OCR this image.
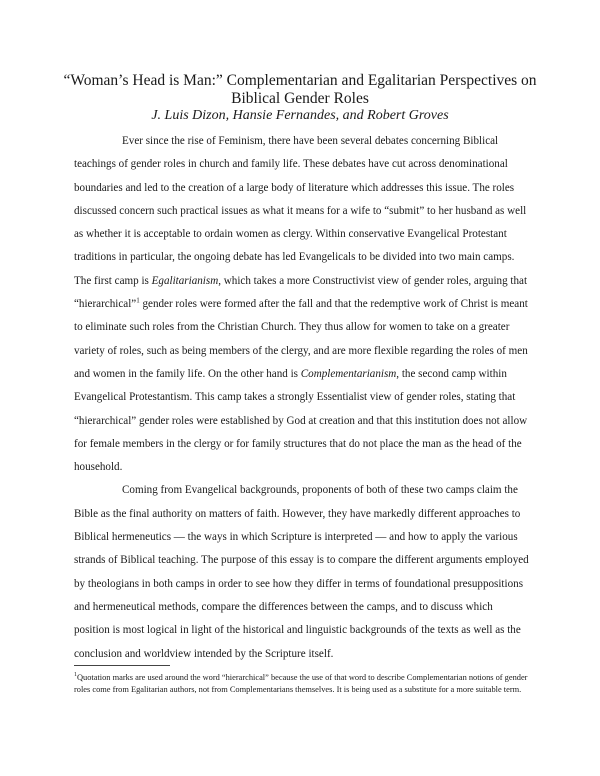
“Woman’s Head is Man:” Complementarian and Egalitarian Perspectives on Biblical Gender Roles

J. Luis Dizon, Hansie Fernandes, and Robert Groves

Ever since the rise of Feminism, there have been several debates concerning Biblical teachings of gender roles in church and family life. These debates have cut across denominational boundaries and led to the creation of a large body of literature which addresses this issue. The roles discussed concern such practical issues as what it means for a wife to “submit” to her husband as well as whether it is acceptable to ordain women as clergy. Within conservative Evangelical Protestant traditions in particular, the ongoing debate has led Evangelicals to be divided into two main camps. The first camp is Egalitarianism, which takes a more Constructivist view of gender roles, arguing that “hierarchical”$^1$ gender roles were formed after the fall and that the redemptive work of Christ is meant to eliminate such roles from the Christian Church. They thus allow for women to take on a greater variety of roles, such as being members of the clergy, and are more flexible regarding the roles of men and women in the family life. On the other hand is Complementarianism, the second camp within Evangelical Protestantism. This camp takes a strongly Essentialist view of gender roles, stating that “hierarchical” gender roles were established by God at creation and that this institution does not allow for female members in the clergy or for family structures that do not place the man as the head of the household.

Coming from Evangelical backgrounds, proponents of both of these two camps claim the Bible as the final authority on matters of faith. However, they have markedly different approaches to Biblical hermeneutics — the ways in which Scripture is interpreted — and how to apply the various strands of Biblical teaching. The purpose of this essay is to compare the different arguments employed by theologians in both camps in order to see how they differ in terms of foundational presuppositions and hermeneutical methods, compare the differences between the camps, and to discuss which position is most logical in light of the historical and linguistic backgrounds of the texts as well as the conclusion and worldview intended by the Scripture itself.

$^1$Quotation marks are used around the word “hierarchical” because the use of that word to describe Complementarian notions of gender roles come from Egalitarian authors, not from Complementarians themselves. It is being used as a substitute for a more suitable term.
